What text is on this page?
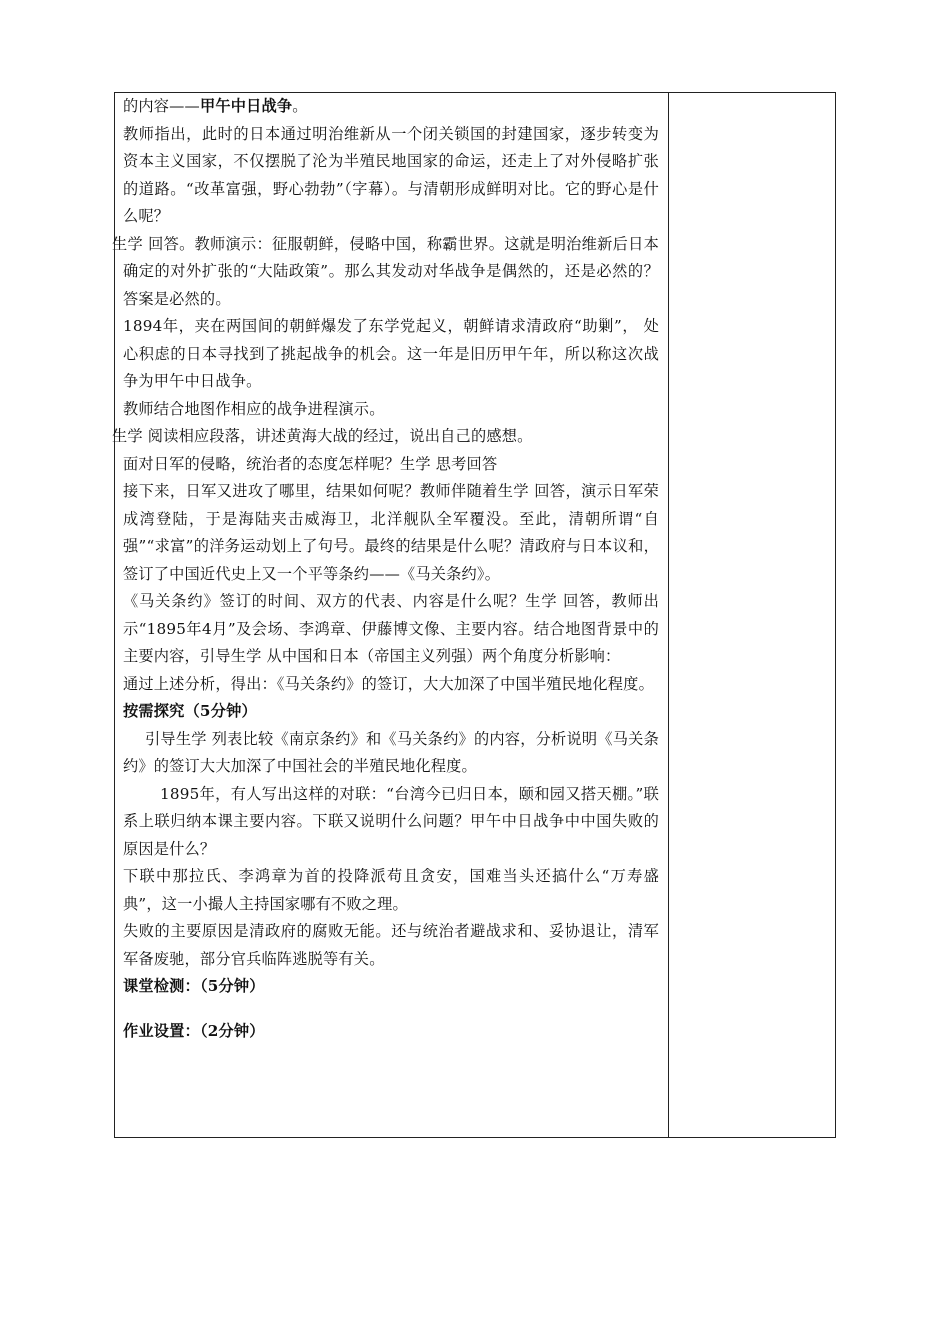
的内容——甲午中日战争。

教师指出，此时的日本通过明治维新从一个闭关锁国的封建国家，逐步转变为资本主义国家，不仅摆脱了沦为半殖民地国家的命运，还走上了对外侵略扩张的道路。“改革富强，野心勃勃”（字幕）。与清朝形成鲜明对比。它的野心是什么呢？

生学 回答。教师演示：征服朝鲜，侵略中国，称霸世界。这就是明治维新后日本确定的对外扩张的“大陆政策”。那么其发动对华战争是偶然的，还是必然的？答案是必然的。

1894年，夹在两国间的朝鲜爆发了东学党起义，朝鲜请求清政府“助剿”， 处心积虑的日本寻找到了挑起战争的机会。这一年是旧历甲午年，所以称这次战争为甲午中日战争。

教师结合地图作相应的战争进程演示。

生学 阅读相应段落，讲述黄海大战的经过，说出自己的感想。

面对日军的侵略，统治者的态度怎样呢？生学 思考回答

接下来，日军又进攻了哪里，结果如何呢？教师伴随着生学 回答，演示日军荣成湾登陆，于是海陆夹击威海卫，北洋舰队全军覆没。至此，清朝所谓“自强”“求富”的洋务运动划上了句号。最终的结果是什么呢？清政府与日本议和，签订了中国近代史上又一个平等条约——《马关条约》。

《马关条约》签订的时间、双方的代表、内容是什么呢？生学 回答，教师出示“1895年4月”及会场、李鸿章、伊藤博文像、主要内容。结合地图背景中的主要内容，引导生学 从中国和日本（帝国主义列强）两个角度分析影响：

通过上述分析，得出：《马关条约》的签订，大大加深了中国半殖民地化程度。

按需探究（5分钟）

引导生学 列表比较《南京条约》和《马关条约》的内容，分析说明《马关条约》的签订大大加深了中国社会的半殖民地化程度。

1895年，有人写出这样的对联：“台湾今已归日本，颐和园又搭天棚。”联系上联归纳本课主要内容。下联又说明什么问题？甲午中日战争中中国失败的原因是什么？

下联中那拉氏、李鸿章为首的投降派苟且贪安，国难当头还搞什么“万寿盛典”，这一小撮人主持国家哪有不败之理。

失败的主要原因是清政府的腐败无能。还与统治者避战求和、妥协退让，清军军备废驰，部分官兵临阵逃脱等有关。

课堂检测：（5分钟）

作业设置：（2分钟）
